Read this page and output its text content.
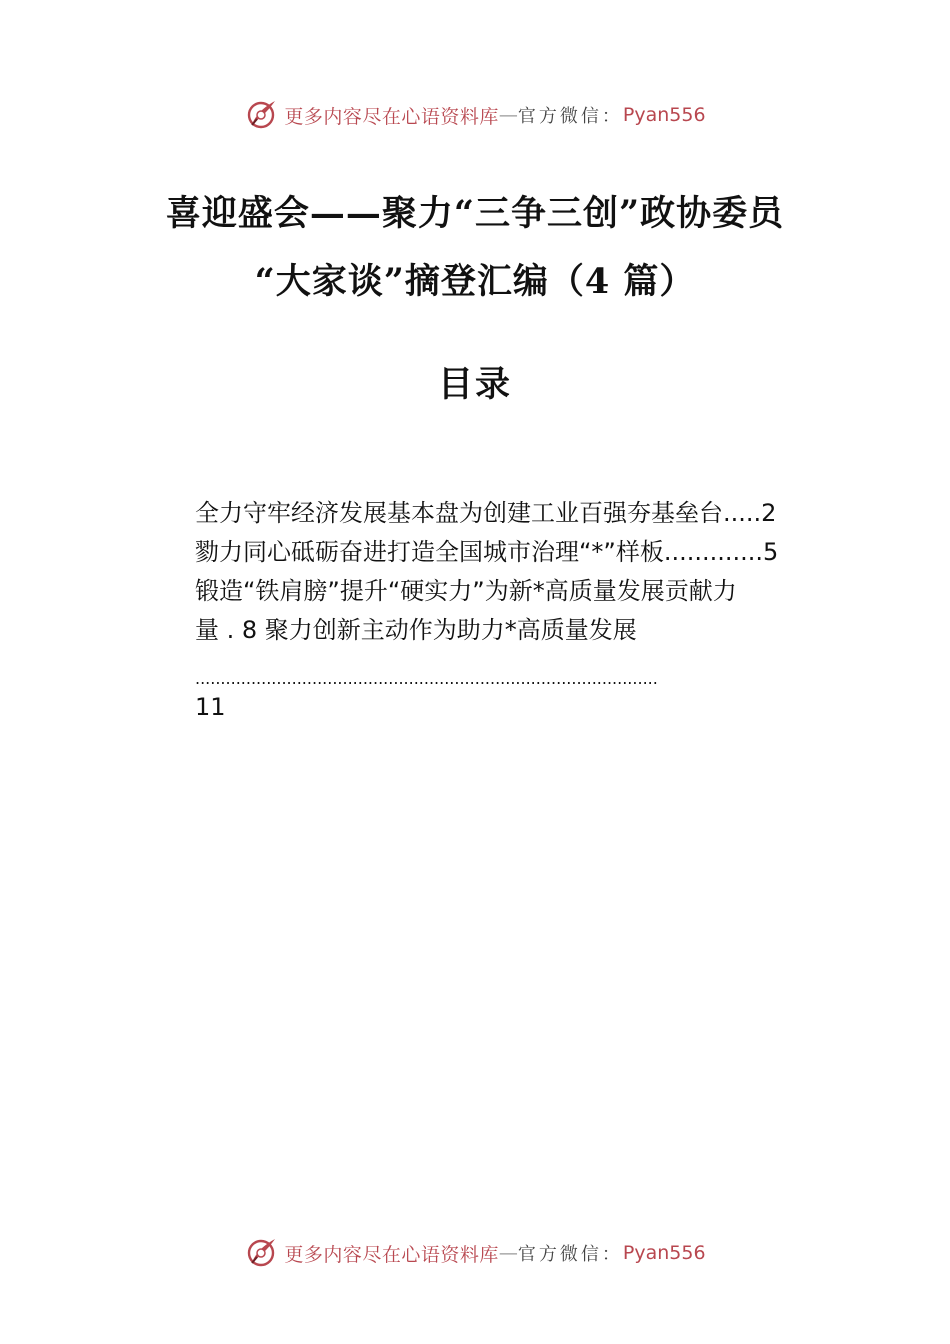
更多内容尽在心语资料库 — 官方微信： Pyan556
喜迎盛会——聚力“三争三创”政协委员
“大家谈”摘登汇编（4 篇）
目录
全力守牢经济发展基本盘为创建工业百强夯基垒台.....2
勠力同心砥砺奋进打造全国城市治理“*”样板.............5
锻造“铁肩膀”提升“硬实力”为新*高质量发展贡献力
量 . 8 聚力创新主动作为助力*高质量发展
...........................................................................................
11
更多内容尽在心语资料库 — 官方微信： Pyan556
